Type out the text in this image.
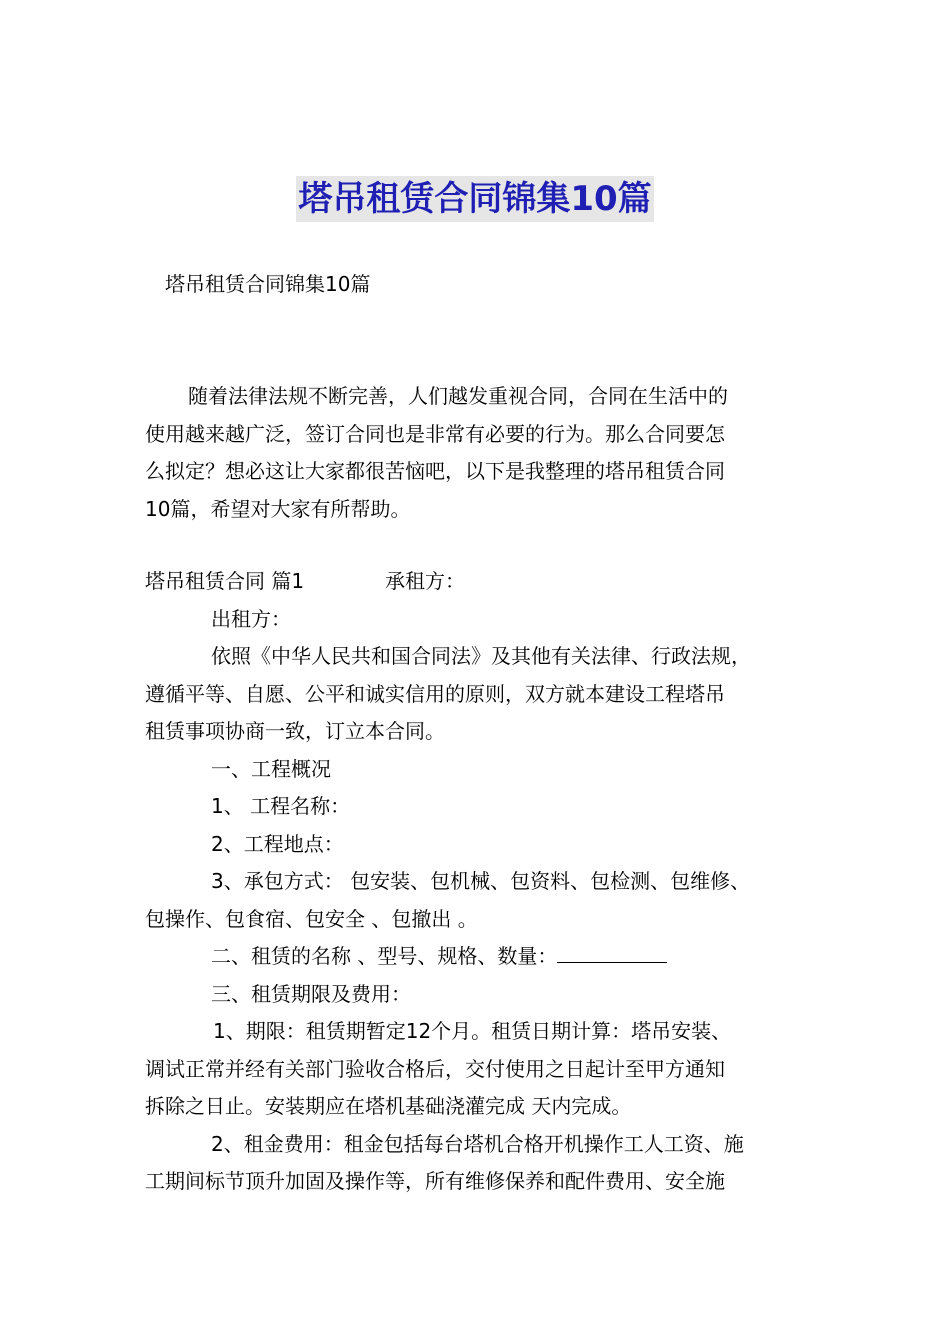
塔吊租赁合同锦集10篇
塔吊租赁合同锦集10篇

随着法律法规不断完善，人们越发重视合同，合同在生活中的

使用越来越广泛，签订合同也是非常有必要的行为。那么合同要怎

么拟定？想必这让大家都很苦恼吧，以下是我整理的塔吊租赁合同

10篇，希望对大家有所帮助。

塔吊租赁合同 篇1	承租方：

出租方：

依照《中华人民共和国合同法》及其他有关法律、行政法规，

遵循平等、自愿、公平和诚实信用的原则，双方就本建设工程塔吊

租赁事项协商一致，订立本合同。

一、工程概况

1、 工程名称：

2、工程地点：

3、承包方式： 包安装、包机械、包资料、包检测、包维修、

包操作、包食宿、包安全 、包撤出 。

二、租赁的名称 、型号、规格、数量：

三、租赁期限及费用：

1、期限：租赁期暂定12个月。租赁日期计算：塔吊安装、

调试正常并经有关部门验收合格后，交付使用之日起计至甲方通知

拆除之日止。安装期应在塔机基础浇灌完成 天内完成。

2、租金费用：租金包括每台塔机合格开机操作工人工资、施

工期间标节顶升加固及操作等，所有维修保养和配件费用、安全施
